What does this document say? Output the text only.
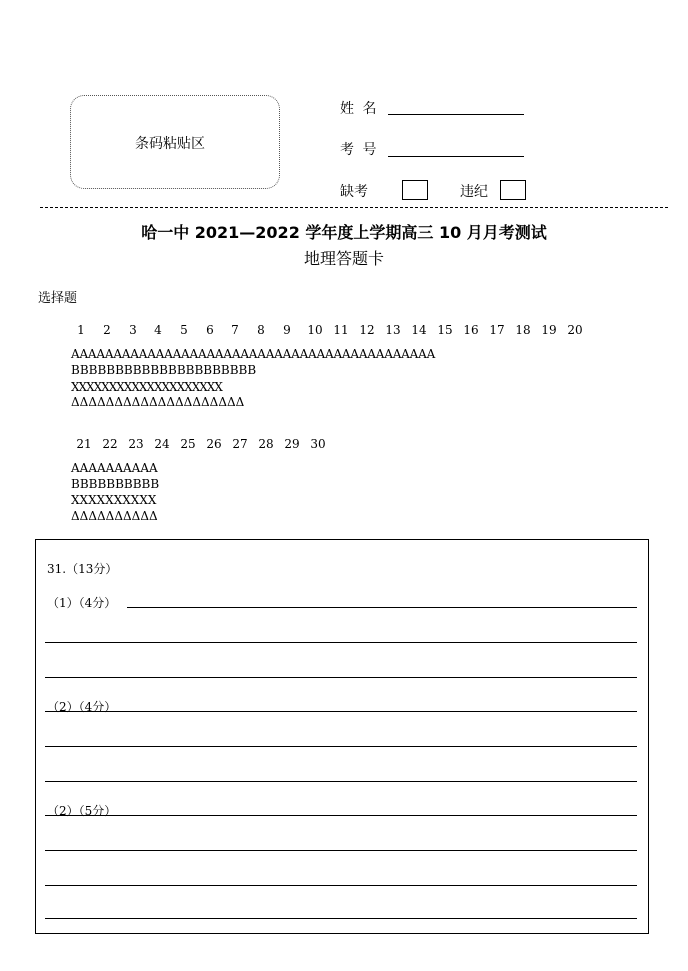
条码粘贴区
姓 名
考 号
缺考	违纪
哈一中 2021—2022 学年度上学期高三 10 月月考测试
地理答题卡
选择题
1	2	3	4	5	6	7	8	9	10 11 12 13 14 15 16 17 18 19 20
AAAAAAAAAAAAAAAAAAAAAAAAAAAAAAAAAAAAAAAAAAA
BBBBBBBBBBBBBBBBBBBBB
ⅩⅩⅩⅩⅩⅩⅩⅩⅩⅩⅩⅩⅩⅩⅩⅩⅩⅩⅩⅩ
ΔΔΔΔΔΔΔΔΔΔΔΔΔΔΔΔΔΔΔΔ
21 22 23 24 25 26 27 28 29 30
AAAAAAAAAA
BBBBBBBBBB
XXXXXXXXXX
ΔΔΔΔΔΔΔΔΔΔ
31.（13分）
（1）（4分）
（2）（4分）
（2）（5分）
